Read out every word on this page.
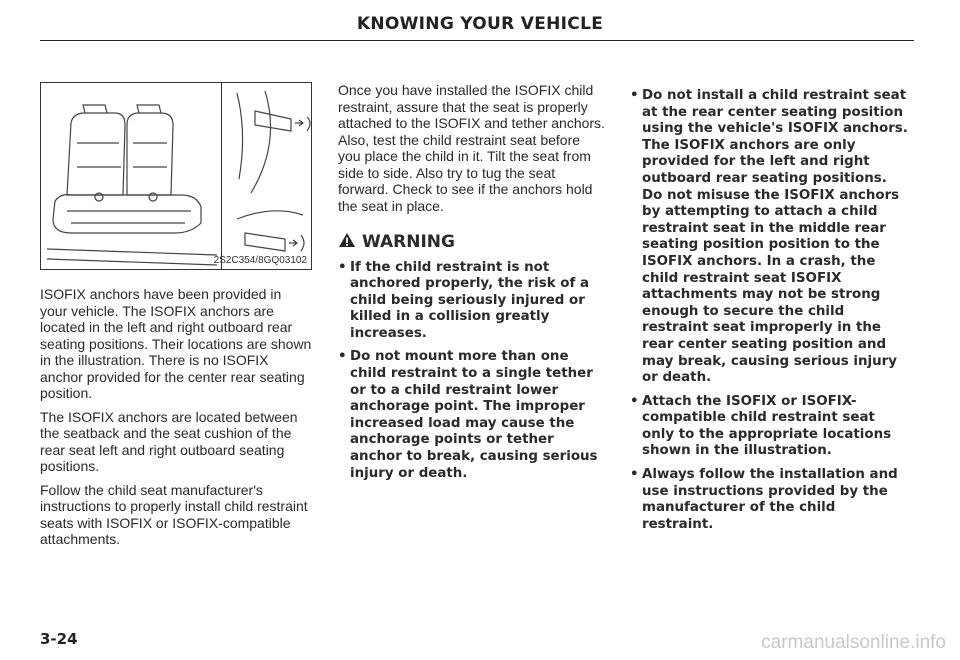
KNOWING YOUR VEHICLE
2S2C354/8GQ03102

ISOFIX anchors have been provided in your vehicle. The ISOFIX anchors are located in the left and right outboard rear seating positions. Their locations are shown in the illustration. There is no ISOFIX anchor provided for the center rear seating position.

The ISOFIX anchors are located between the seatback and the seat cushion of the rear seat left and right outboard seating positions.

Follow the child seat manufacturer's instructions to properly install child restraint seats with ISOFIX or ISOFIX-compatible attachments.

Once you have installed the ISOFIX child restraint, assure that the seat is properly attached to the ISOFIX and tether anchors. Also, test the child restraint seat before you place the child in it. Tilt the seat from side to side. Also try to tug the seat forward. Check to see if the anchors hold the seat in place.

WARNING
• If the child restraint is not anchored properly, the risk of a child being seriously injured or killed in a collision greatly increases.
• Do not mount more than one child restraint to a single tether or to a child restraint lower anchorage point. The improper increased load may cause the anchorage points or tether anchor to break, causing serious injury or death.
• Do not install a child restraint seat at the rear center seating position using the vehicle's ISOFIX anchors. The ISOFIX anchors are only provided for the left and right outboard rear seating positions. Do not misuse the ISOFIX anchors by attempting to attach a child restraint seat in the middle rear seating position position to the ISOFIX anchors. In a crash, the child restraint seat ISOFIX attachments may not be strong enough to secure the child restraint seat improperly in the rear center seating position and may break, causing serious injury or death.
• Attach the ISOFIX or ISOFIX-compatible child restraint seat only to the appropriate locations shown in the illustration.
• Always follow the installation and use instructions provided by the manufacturer of the child restraint.
3-24	carmanualsonline.info
